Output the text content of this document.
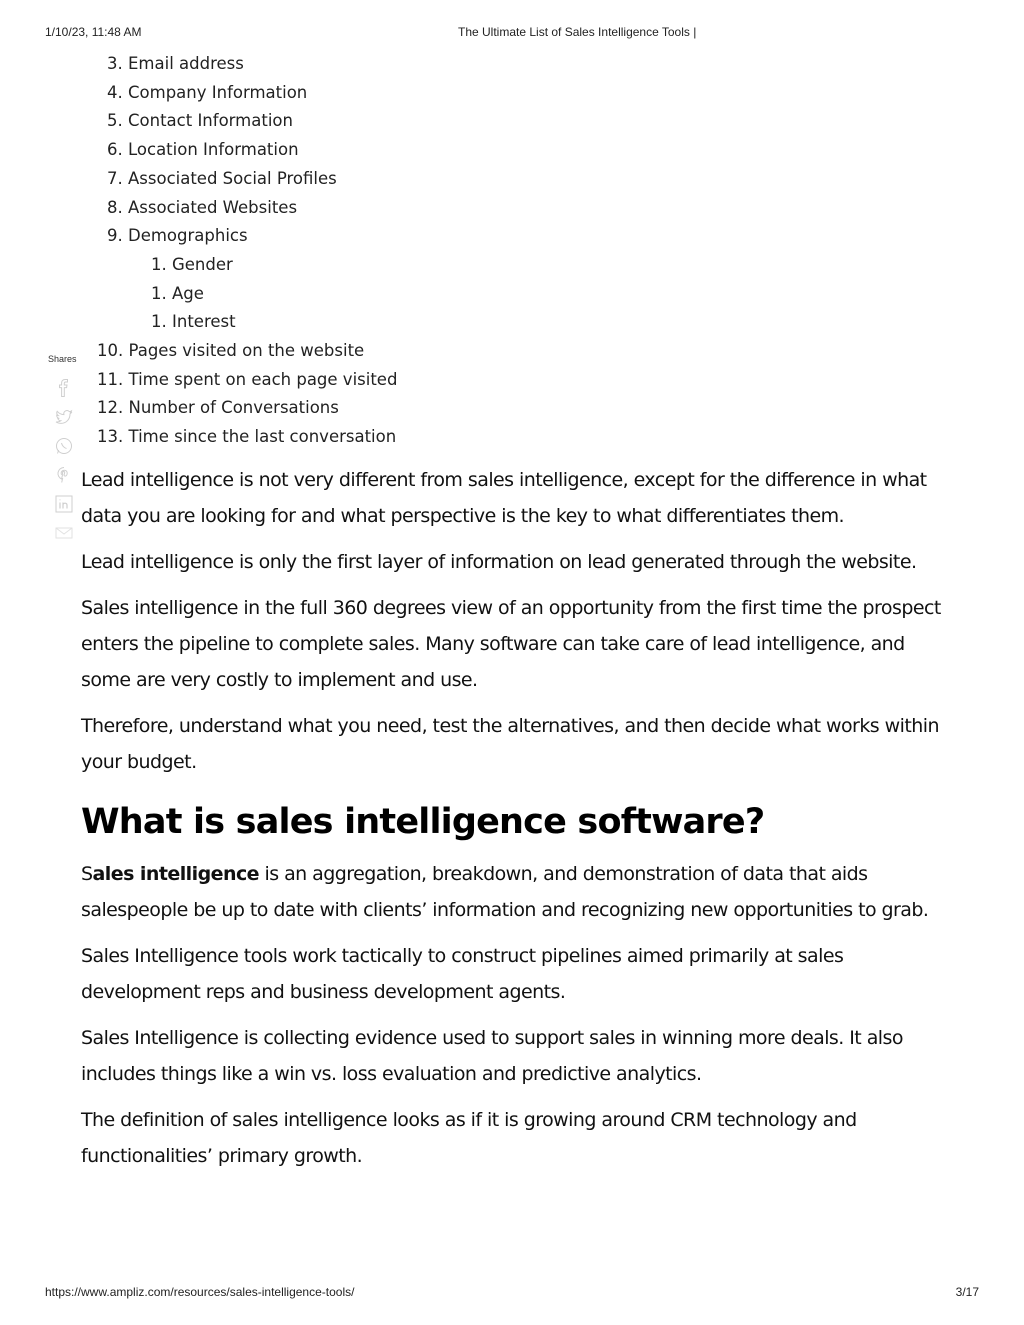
1/10/23, 11:48 AM	The Ultimate List of Sales Intelligence Tools |
Shares
3. Email address
4. Company Information
5. Contact Information
6. Location Information
7. Associated Social Profiles
8. Associated Websites
9. Demographics
1. Gender
1. Age
1. Interest
10. Pages visited on the website
11. Time spent on each page visited
12. Number of Conversations
13. Time since the last conversation

Lead intelligence is not very different from sales intelligence, except for the difference in what data you are looking for and what perspective is the key to what differentiates them.

Lead intelligence is only the first layer of information on lead generated through the website.

Sales intelligence in the full 360 degrees view of an opportunity from the first time the prospect enters the pipeline to complete sales. Many software can take care of lead intelligence, and some are very costly to implement and use.

Therefore, understand what you need, test the alternatives, and then decide what works within your budget.

What is sales intelligence software?

Sales intelligence is an aggregation, breakdown, and demonstration of data that aids salespeople be up to date with clients’ information and recognizing new opportunities to grab.

Sales Intelligence tools work tactically to construct pipelines aimed primarily at sales development reps and business development agents.

Sales Intelligence is collecting evidence used to support sales in winning more deals. It also includes things like a win vs. loss evaluation and predictive analytics.

The definition of sales intelligence looks as if it is growing around CRM technology and functionalities’ primary growth.

https://www.ampliz.com/resources/sales-intelligence-tools/	3/17
